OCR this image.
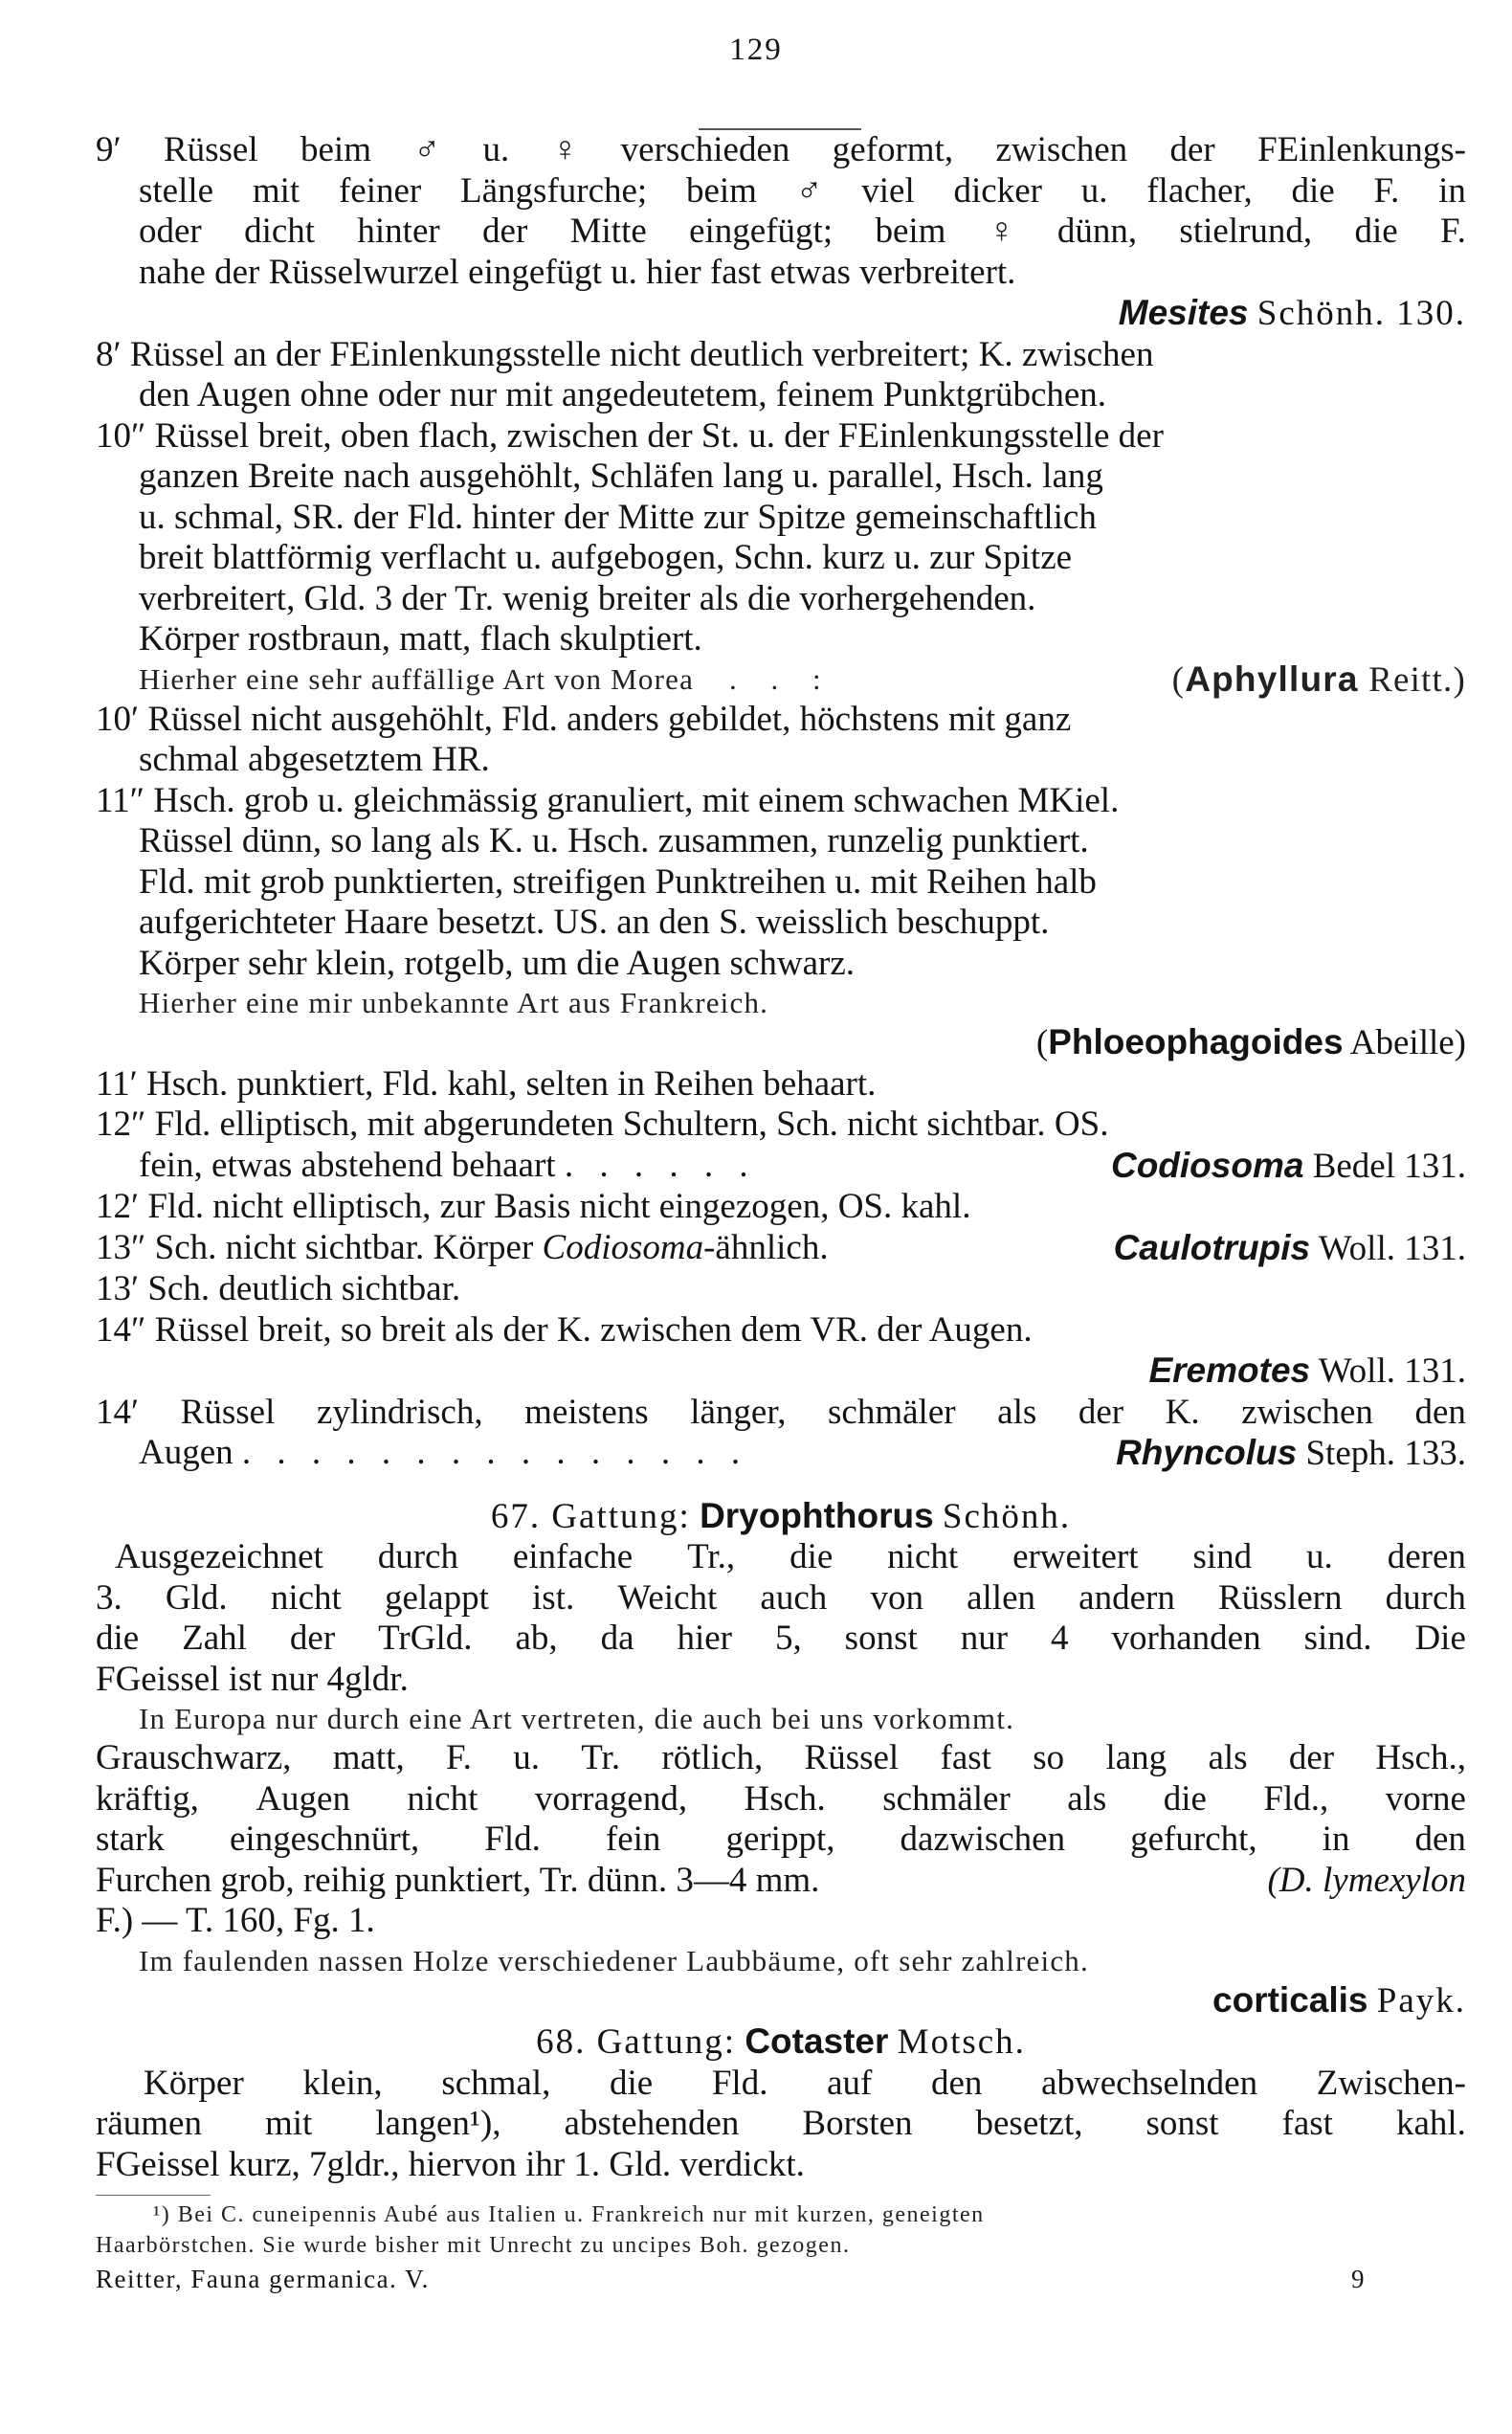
129
9′ Rüssel beim ♂ u. ♀ verschieden geformt, zwischen der FEinlenkungs-
stelle mit feiner Längsfurche; beim ♂ viel dicker u. flacher, die F. in
oder dicht hinter der Mitte eingefügt; beim ♀ dünn, stielrund, die F.
nahe der Rüsselwurzel eingefügt u. hier fast etwas verbreitert.
Mesites Schönh. 130.
8′ Rüssel an der FEinlenkungsstelle nicht deutlich verbreitert; K. zwischen
den Augen ohne oder nur mit angedeutetem, feinem Punktgrübchen.
10″ Rüssel breit, oben flach, zwischen der St. u. der FEinlenkungsstelle der
ganzen Breite nach ausgehöhlt, Schläfen lang u. parallel, Hsch. lang
u. schmal, SR. der Fld. hinter der Mitte zur Spitze gemeinschaftlich
breit blattförmig verflacht u. aufgebogen, Schn. kurz u. zur Spitze
verbreitert, Gld. 3 der Tr. wenig breiter als die vorhergehenden.
Körper rostbraun, matt, flach skulptiert.
Hierher eine sehr auffällige Art von Morea . . :	(Aphyllura Reitt.)
10′ Rüssel nicht ausgehöhlt, Fld. anders gebildet, höchstens mit ganz
schmal abgesetztem HR.
11″ Hsch. grob u. gleichmässig granuliert, mit einem schwachen MKiel.
Rüssel dünn, so lang als K. u. Hsch. zusammen, runzelig punktiert.
Fld. mit grob punktierten, streifigen Punktreihen u. mit Reihen halb
aufgerichteter Haare besetzt. US. an den S. weisslich beschuppt.
Körper sehr klein, rotgelb, um die Augen schwarz.
Hierher eine mir unbekannte Art aus Frankreich.
(Phloeophagoides Abeille)
11′ Hsch. punktiert, Fld. kahl, selten in Reihen behaart.
12″ Fld. elliptisch, mit abgerundeten Schultern, Sch. nicht sichtbar. OS.
fein, etwas abstehend behaart . . . . . .	Codiosoma Bedel 131.
12′ Fld. nicht elliptisch, zur Basis nicht eingezogen, OS. kahl.
13″ Sch. nicht sichtbar. Körper Codiosoma-ähnlich.	Caulotrupis Woll. 131.
13′ Sch. deutlich sichtbar.
14″ Rüssel breit, so breit als der K. zwischen dem VR. der Augen.
Eremotes Woll. 131.
14′ Rüssel zylindrisch, meistens länger, schmäler als der K. zwischen den
Augen . . . . . . . . . . . . . . .	Rhyncolus Steph. 133.
67. Gattung: Dryophthorus Schönh.
Ausgezeichnet durch einfache Tr., die nicht erweitert sind u. deren
3. Gld. nicht gelappt ist. Weicht auch von allen andern Rüsslern durch
die Zahl der TrGld. ab, da hier 5, sonst nur 4 vorhanden sind. Die
FGeissel ist nur 4gldr.
In Europa nur durch eine Art vertreten, die auch bei uns vorkommt.
Grauschwarz, matt, F. u. Tr. rötlich, Rüssel fast so lang als der Hsch.,
kräftig, Augen nicht vorragend, Hsch. schmäler als die Fld., vorne
stark eingeschnürt, Fld. fein gerippt, dazwischen gefurcht, in den
Furchen grob, reihig punktiert, Tr. dünn. 3—4 mm.	(D. lymexylon
F.) — T. 160, Fg. 1.
Im faulenden nassen Holze verschiedener Laubbäume, oft sehr zahlreich.
corticalis Payk.
68. Gattung: Cotaster Motsch.
Körper klein, schmal, die Fld. auf den abwechselnden Zwischen-
räumen mit langen¹), abstehenden Borsten besetzt, sonst fast kahl.
FGeissel kurz, 7gldr., hiervon ihr 1. Gld. verdickt.
¹) Bei C. cuneipennis Aubé aus Italien u. Frankreich nur mit kurzen, geneigten
Haarbörstchen. Sie wurde bisher mit Unrecht zu uncipes Boh. gezogen.
Reitter, Fauna germanica. V.	9
